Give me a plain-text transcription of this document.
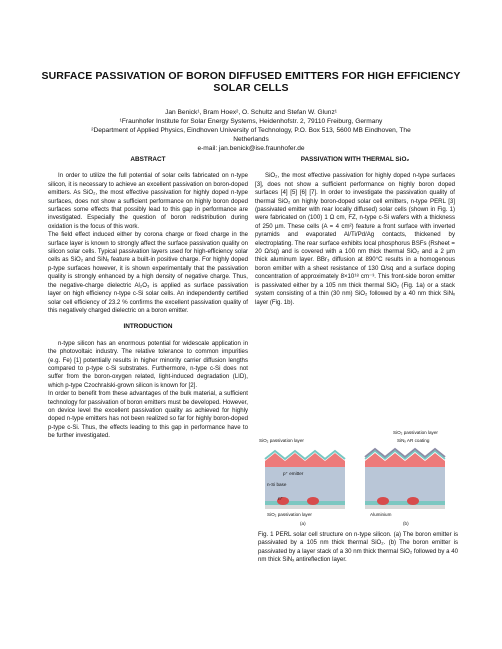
SURFACE PASSIVATION OF BORON DIFFUSED EMITTERS FOR HIGH EFFICIENCY
SOLAR CELLS
Jan Benick¹, Bram Hoex², O. Schultz and Stefan W. Glunz¹
¹Fraunhofer Institute for Solar Energy Systems, Heidenhofstr. 2, 79110 Freiburg, Germany
²Department of Applied Physics, Eindhoven University of Technology, P.O. Box 513, 5600 MB Eindhoven, The
Netherlands
e-mail: jan.benick@ise.fraunhofer.de
ABSTRACT
In order to utilize the full potential of solar cells fabricated on n-type silicon, it is necessary to achieve an excellent passivation on boron-doped emitters. As SiO₂, the most effective passivation for highly doped n-type surfaces, does not show a sufficient performance on highly boron doped surfaces some effects that possibly lead to this gap in performance are investigated. Especially the question of boron redistribution during oxidation is the focus of this work.
The field effect induced either by corona charge or fixed charge in the surface layer is known to strongly affect the surface passivation quality on silicon solar cells. Typical passivation layers used for high-efficiency solar cells as SiO₂ and SiNₓ feature a built-in positive charge. For highly doped p-type surfaces however, it is shown experimentally that the passivation quality is strongly enhanced by a high density of negative charge. Thus, the negative-charge dielectric Al₂O₃ is applied as surface passivation layer on high efficiency n-type c-Si solar cells. An independently certified solar cell efficiency of 23.2 % confirms the excellent passivation quality of this negatively charged dielectric on a boron emitter.
INTRODUCTION
n-type silicon has an enormous potential for widescale application in the photovoltaic industry. The relative tolerance to common impurities (e.g. Fe) [1] potentially results in higher minority carrier diffusion lengths compared to p-type c-Si substrates. Furthermore, n-type c-Si does not suffer from the boron-oxygen related, light-induced degradation (LID), which p-type Czochralski-grown silicon is known for [2].
In order to benefit from these advantages of the bulk material, a sufficient technology for passivation of boron emitters must be developed. However, on device level the excellent passivation quality as achieved for highly doped n-type emitters has not been realized so far for highly boron-doped p-type c-Si. Thus, the effects leading to this gap in performance have to be further investigated.
PASSIVATION WITH THERMAL SiO₂
SiO₂, the most effective passivation for highly doped n-type surfaces [3], does not show a sufficient performance on highly boron doped surfaces [4] [5] [6] [7]. In order to investigate the passivation quality of thermal SiO₂ on highly boron-doped solar cell emitters, n-type PERL [3] (passivated emitter with rear locally diffused) solar cells (shown in Fig. 1) were fabricated on (100) 1 Ω cm, FZ, n-type c-Si wafers with a thickness of 250 µm. These cells (A = 4 cm²) feature a front surface with inverted pyramids and evaporated Al/Ti/Pd/Ag contacts, thickened by electroplating. The rear surface exhibits local phosphorus BSFs (Rsheet = 20 Ω/sq) and is covered with a 100 nm thick thermal SiO₂ and a 2 µm thick aluminum layer. BBr₃ diffusion at 890°C results in a homogenous boron emitter with a sheet resistance of 130 Ω/sq and a surface doping concentration of approximately 8×10¹⁸ cm⁻³. This front-side boron emitter is passivated either by a 105 nm thick thermal SiO₂ (Fig. 1a) or a stack system consisting of a thin (30 nm) SiO₂ followed by a 40 nm thick SiNₓ layer (Fig. 1b).
SiO₂ passivation layer
SiO₂ passivation layer	SiNₓ AR coating
p⁺ emitter
n-Si base
n⁺
SiO₂ passivation layer	Aluminium
(a)	(b)
Fig. 1 PERL solar cell structure on n-type silicon. (a) The boron emitter is passivated by a 105 nm thick thermal SiO₂. (b) The boron emitter is passivated by a layer stack of a 30 nm thick thermal SiO₂ followed by a 40 nm thick SiNₓ antireflection layer.
